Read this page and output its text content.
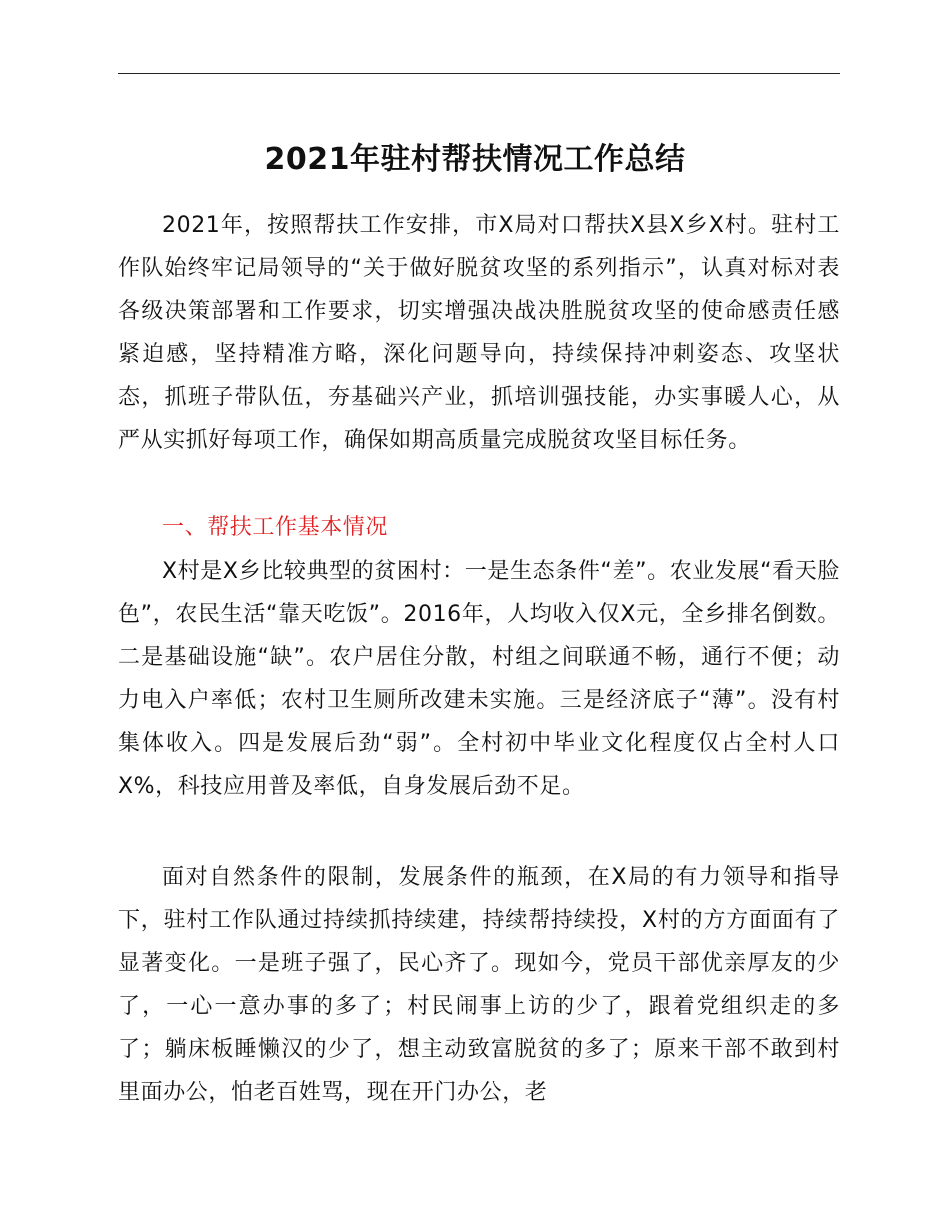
2021年驻村帮扶情况工作总结

2021年，按照帮扶工作安排，市X局对口帮扶X县X乡X村。驻村工作队始终牢记局领导的“关于做好脱贫攻坚的系列指示”，认真对标对表各级决策部署和工作要求，切实增强决战决胜脱贫攻坚的使命感责任感紧迫感，坚持精准方略，深化问题导向，持续保持冲刺姿态、攻坚状态，抓班子带队伍，夯基础兴产业，抓培训强技能，办实事暖人心，从严从实抓好每项工作，确保如期高质量完成脱贫攻坚目标任务。

一、帮扶工作基本情况

X村是X乡比较典型的贫困村：一是生态条件“差”。农业发展“看天脸色”，农民生活“靠天吃饭”。2016年，人均收入仅X元，全乡排名倒数。二是基础设施“缺”。农户居住分散，村组之间联通不畅，通行不便；动力电入户率低；农村卫生厕所改建未实施。三是经济底子“薄”。没有村集体收入。四是发展后劲“弱”。全村初中毕业文化程度仅占全村人口X%，科技应用普及率低，自身发展后劲不足。

面对自然条件的限制，发展条件的瓶颈，在X局的有力领导和指导下，驻村工作队通过持续抓持续建，持续帮持续投，X村的方方面面有了显著变化。一是班子强了，民心齐了。现如今，党员干部优亲厚友的少了，一心一意办事的多了；村民闹事上访的少了，跟着党组织走的多了；躺床板睡懒汉的少了，想主动致富脱贫的多了；原来干部不敢到村里面办公，怕老百姓骂，现在开门办公，老
